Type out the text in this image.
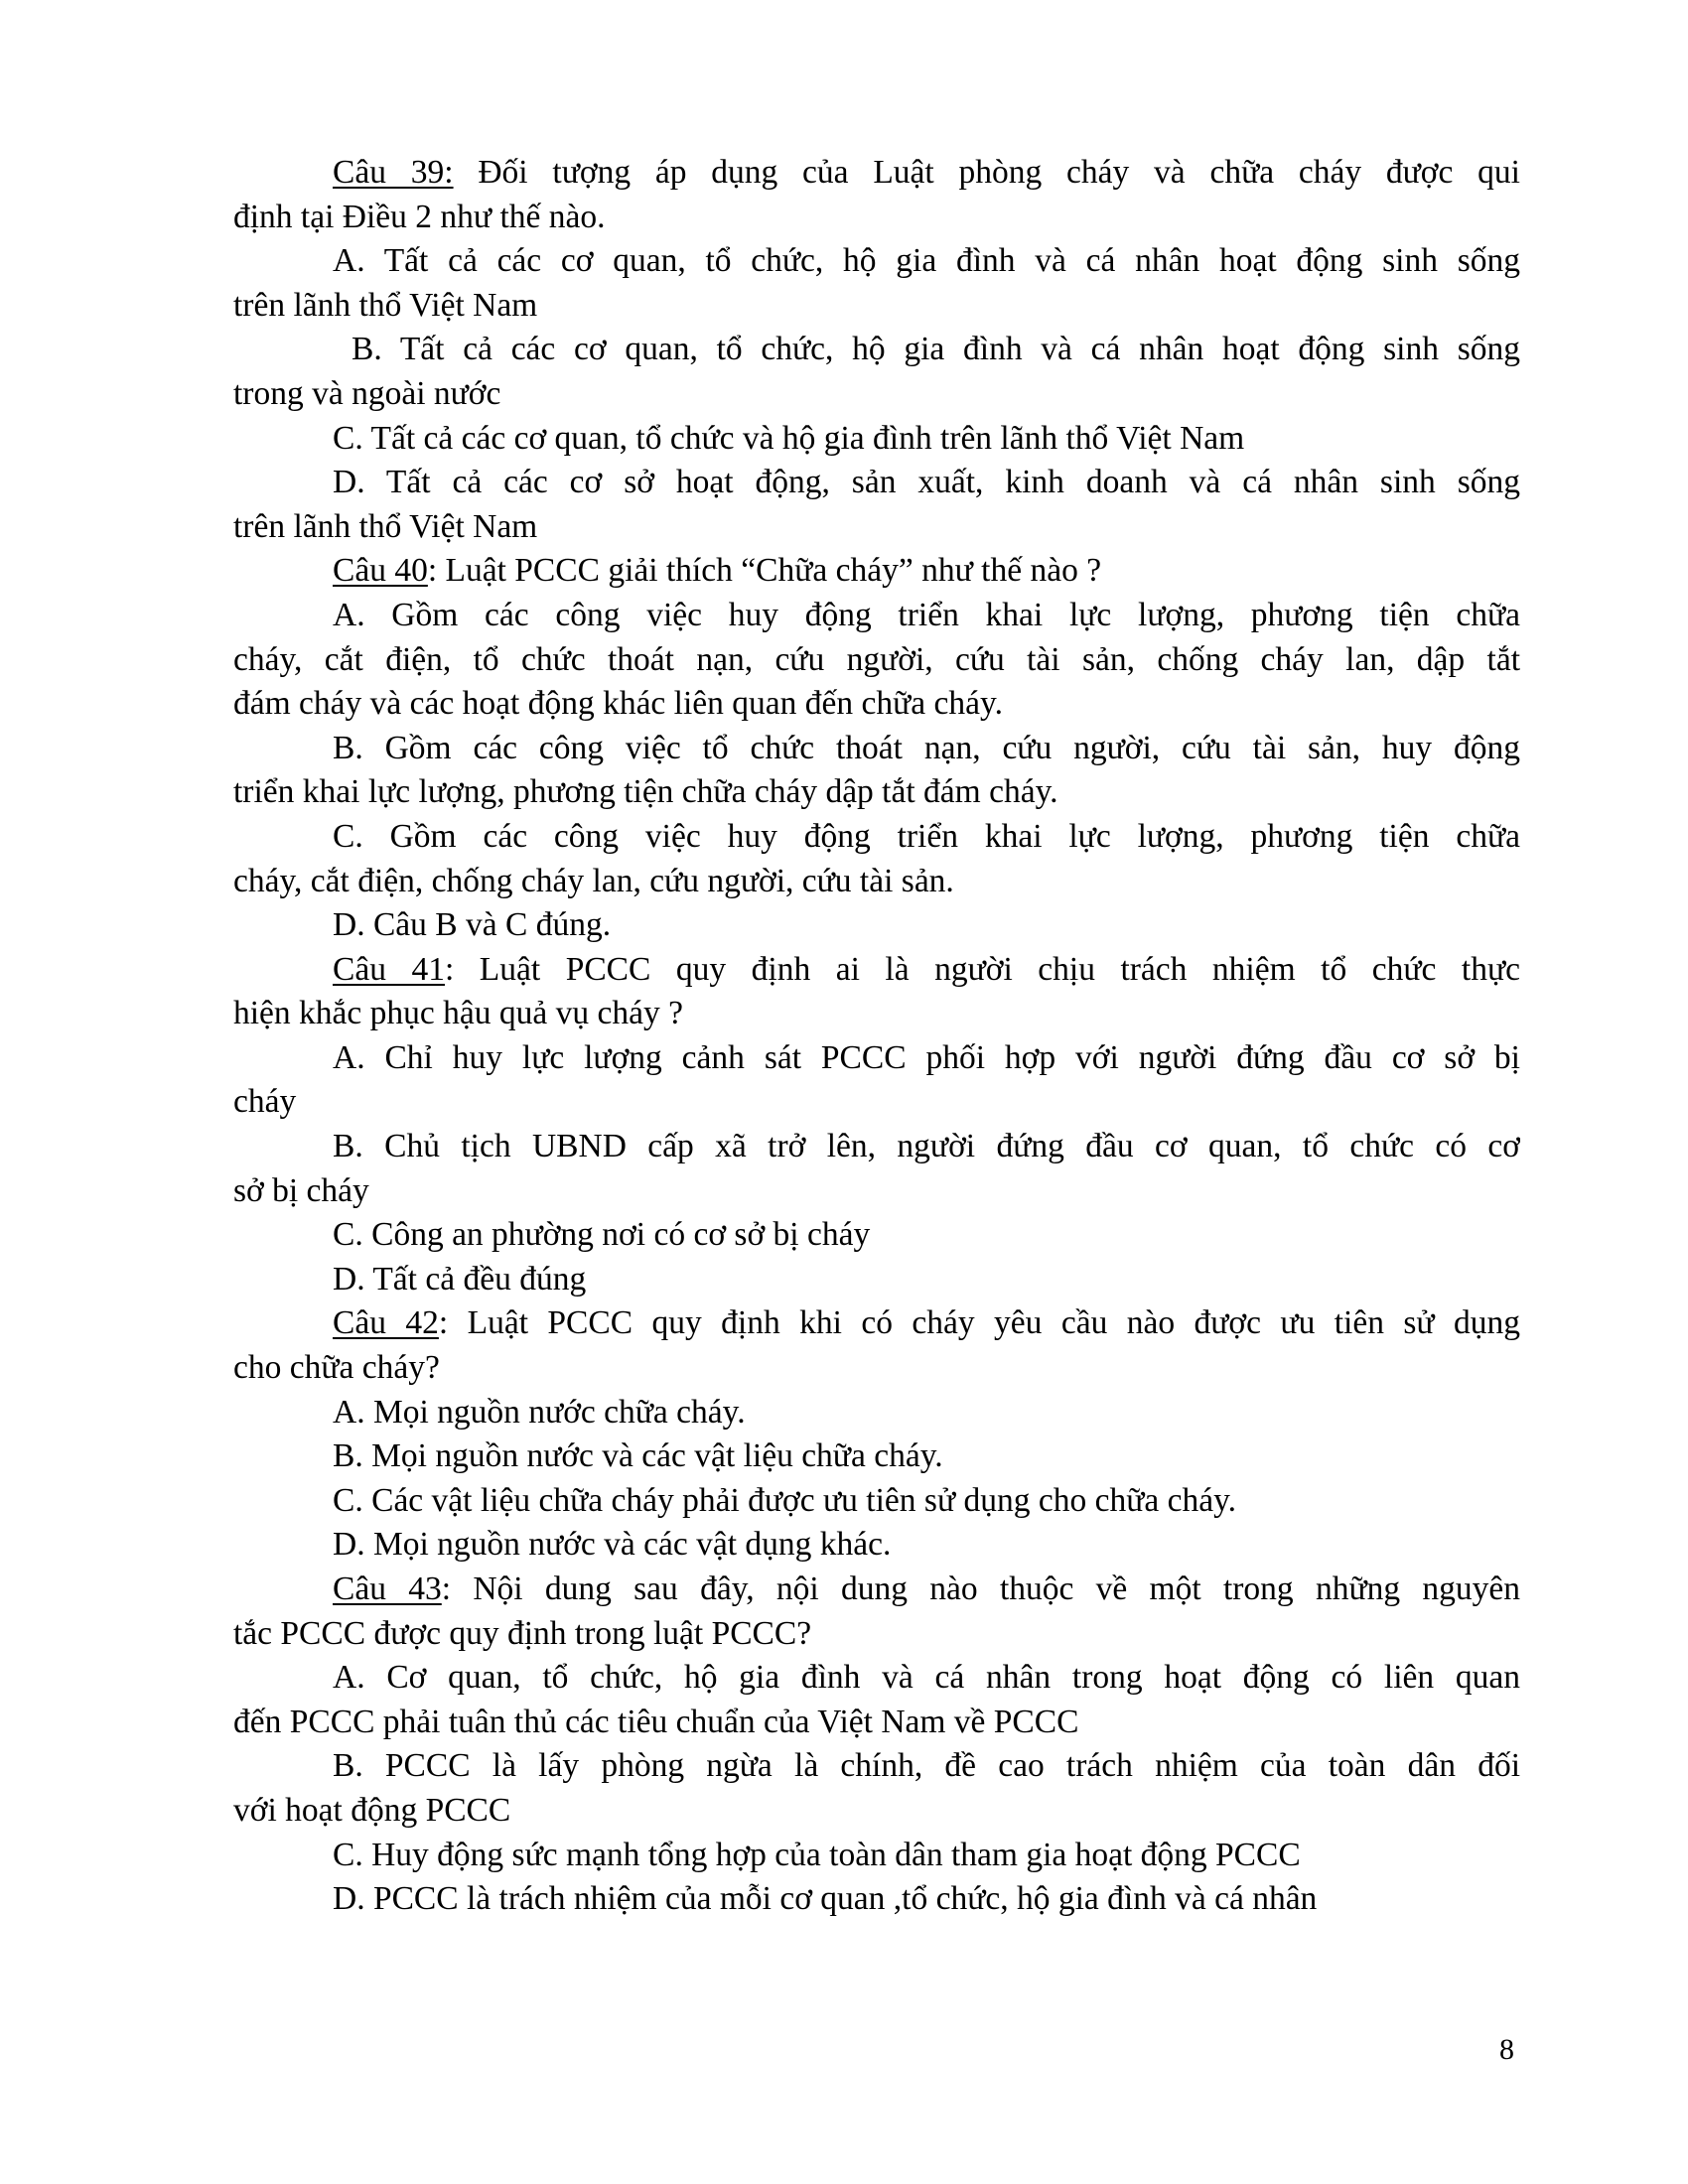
Câu 39: Đối tượng áp dụng của Luật phòng cháy và chữa cháy được qui
định tại Điều 2 như thế nào.
A. Tất cả các cơ quan, tổ chức, hộ gia đình và cá nhân hoạt động sinh sống
trên lãnh thổ Việt Nam
B. Tất cả các cơ quan, tổ chức, hộ gia đình và cá nhân hoạt động sinh sống
trong và ngoài nước
C. Tất cả các cơ quan, tổ chức và hộ gia đình trên lãnh thổ Việt Nam
D. Tất cả các cơ sở hoạt động, sản xuất, kinh doanh và cá nhân sinh sống
trên lãnh thổ Việt Nam
Câu 40: Luật PCCC giải thích “Chữa cháy” như thế nào ?
A. Gồm các công việc huy động triển khai lực lượng, phương tiện chữa
cháy, cắt điện, tổ chức thoát nạn, cứu người, cứu tài sản, chống cháy lan, dập tắt
đám cháy và các hoạt động khác liên quan đến chữa cháy.
B. Gồm các công việc tổ chức thoát nạn, cứu người, cứu tài sản, huy động
triển khai lực lượng, phương tiện chữa cháy dập tắt đám cháy.
C. Gồm các công việc huy động triển khai lực lượng, phương tiện chữa
cháy, cắt điện, chống cháy lan, cứu người, cứu tài sản.
D. Câu B và C đúng.
Câu 41: Luật PCCC quy định ai là người chịu trách nhiệm tổ chức thực
hiện khắc phục hậu quả vụ cháy ?
A. Chỉ huy lực lượng cảnh sát PCCC phối hợp với người đứng đầu cơ sở bị
cháy
B. Chủ tịch UBND cấp xã trở lên, người đứng đầu cơ quan, tổ chức có cơ
sở bị cháy
C. Công an phường nơi có cơ sở bị cháy
D. Tất cả đều đúng
Câu 42: Luật PCCC quy định khi có cháy yêu cầu nào được ưu tiên sử dụng
cho chữa cháy?
A. Mọi nguồn nước chữa cháy.
B. Mọi nguồn nước và các vật liệu chữa cháy.
C. Các vật liệu chữa cháy phải được ưu tiên sử dụng cho chữa cháy.
D. Mọi nguồn nước và các vật dụng khác.
Câu 43: Nội dung sau đây, nội dung nào thuộc về một trong những nguyên
tắc PCCC được quy định trong luật PCCC?
A. Cơ quan, tổ chức, hộ gia đình và cá nhân trong hoạt động có liên quan
đến PCCC phải tuân thủ các tiêu chuẩn của Việt Nam về PCCC
B. PCCC là lấy phòng ngừa là chính, đề cao trách nhiệm của toàn dân đối
với hoạt động PCCC
C. Huy động sức mạnh tổng hợp của toàn dân tham gia hoạt động PCCC
D. PCCC là trách nhiệm của mỗi cơ quan ,tổ chức, hộ gia đình và cá nhân
8
